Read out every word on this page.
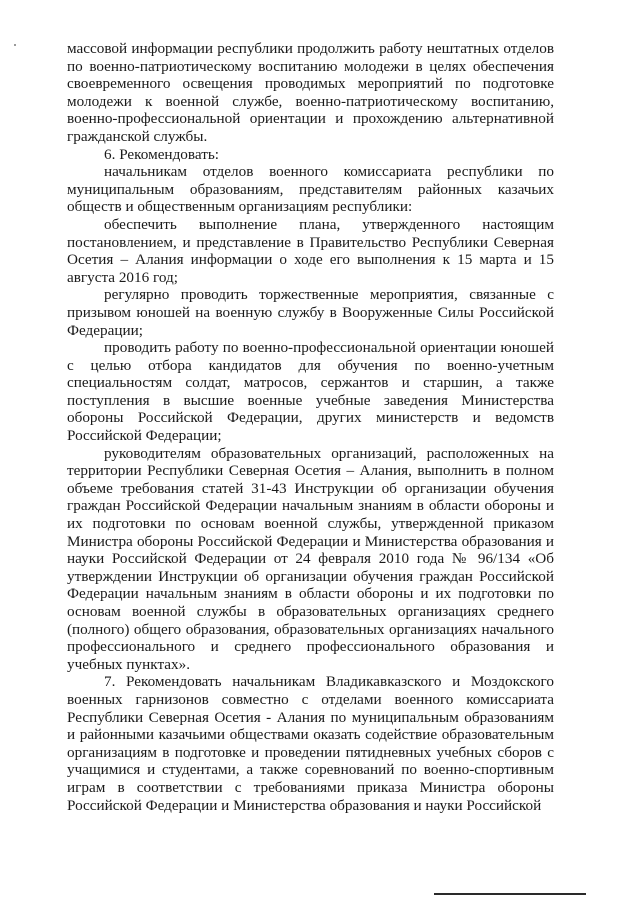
массовой информации республики продолжить работу нештатных отделов по военно-патриотическому воспитанию молодежи в целях обеспечения своевременного освещения проводимых мероприятий по подготовке молодежи к военной службе, военно-патриотическому воспитанию, военно-профессиональной ориентации и прохождению альтернативной гражданской службы.

6. Рекомендовать:

начальникам отделов военного комиссариата республики по муниципальным образованиям, представителям районных казачьих обществ и общественным организациям республики:

обеспечить выполнение плана, утвержденного настоящим постановлением, и представление в Правительство Республики Северная Осетия – Алания информации о ходе его выполнения к 15 марта и 15 августа 2016 год;

регулярно проводить торжественные мероприятия, связанные с призывом юношей на военную службу в Вооруженные Силы Российской Федерации;

проводить работу по военно-профессиональной ориентации юношей с целью отбора кандидатов для обучения по военно-учетным специальностям солдат, матросов, сержантов и старшин, а также поступления в высшие военные учебные заведения Министерства обороны Российской Федерации, других министерств и ведомств Российской Федерации;

руководителям образовательных организаций, расположенных на территории Республики Северная Осетия – Алания, выполнить в полном объеме требования статей 31-43 Инструкции об организации обучения граждан Российской Федерации начальным знаниям в области обороны и их подготовки по основам военной службы, утвержденной приказом Министра обороны Российской Федерации и Министерства образования и науки Российской Федерации от 24 февраля 2010 года № 96/134 «Об утверждении Инструкции об организации обучения граждан Российской Федерации начальным знаниям в области обороны и их подготовки по основам военной службы в образовательных организациях среднего (полного) общего образования, образовательных организациях начального профессионального и среднего профессионального образования и учебных пунктах».

7. Рекомендовать начальникам Владикавказского и Моздокского военных гарнизонов совместно с отделами военного комиссариата Республики Северная Осетия - Алания по муниципальным образованиям и районными казачьими обществами оказать содействие образовательным организациям в подготовке и проведении пятидневных учебных сборов с учащимися и студентами, а также соревнований по военно-спортивным играм в соответствии с требованиями приказа Министра обороны Российской Федерации и Министерства образования и науки Российской
